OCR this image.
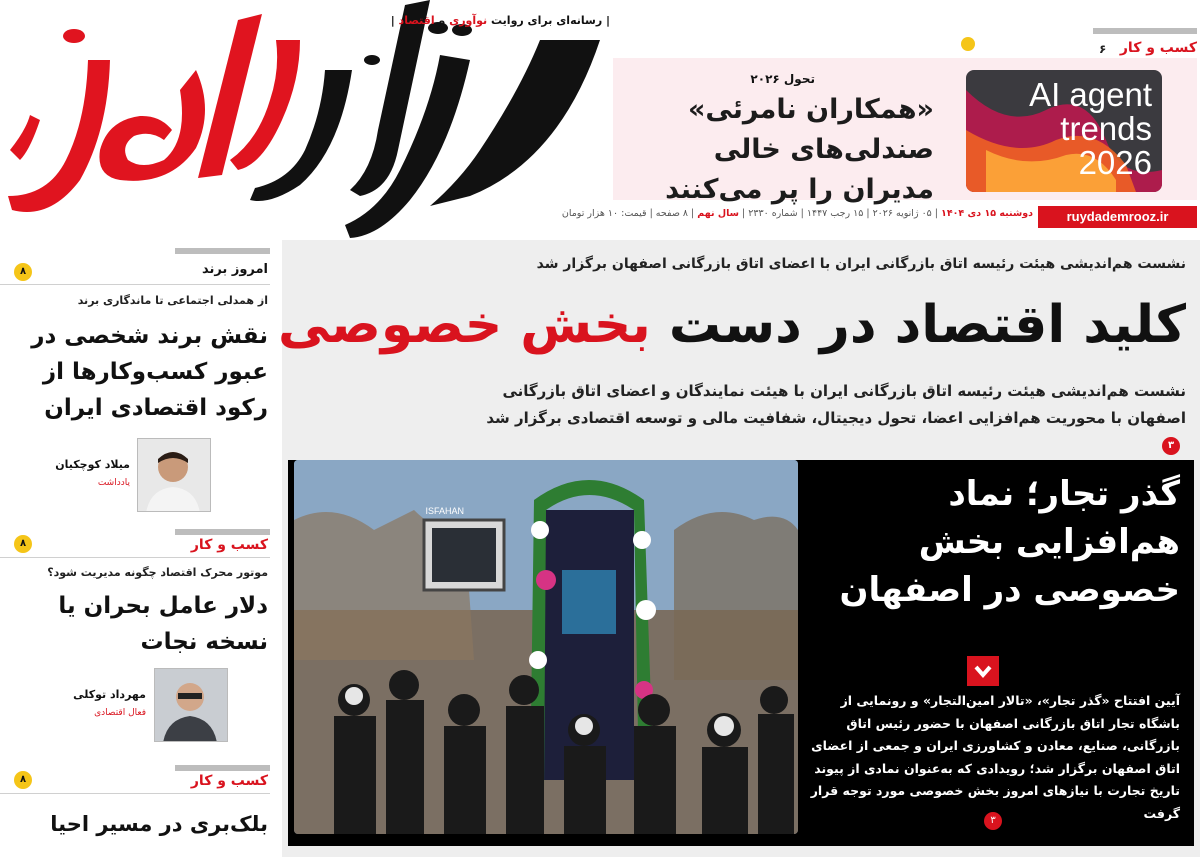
| رسانه‌ای برای روایت نوآوری و اقتصاد |
کسب و کار
۶
AI agent trends 2026
تحول ۲۰۲۶
«همکاران نامرئی» صندلی‌های خالی مدیران را پر می‌کنند
دوشنبه ۱۵ دی ۱۴۰۴ | ۰۵ ژانویه ۲۰۲۶ | ۱۵ رجب ۱۴۴۷ | شماره ۲۳۳۰ | سال نهم | ۸ صفحه | قیمت: ۱۰ هزار تومان	ruydademrooz.ir
۸	امروز برند
از همدلی اجتماعی تا ماندگاری برند
نقش برند شخصی در عبور کسب‌وکارها از رکود اقتصادی ایران
میلاد کوچکیان
یادداشت
۸	کسب و کار
موتور محرک اقتصاد چگونه مدیریت شود؟
دلار عامل بحران یا نسخه نجات
مهرداد توکلی
فعال اقتصادی
۸	کسب و کار
بلک‌بری در مسیر احیا
نشست هم‌اندیشی هیئت رئیسه اتاق بازرگانی ایران با اعضای اتاق بازرگانی اصفهان برگزار شد
کلید اقتصاد در دست بخش خصوصی
نشست هم‌اندیشی هیئت رئیسه اتاق بازرگانی ایران با هیئت نمایندگان و اعضای اتاق بازرگانی اصفهان با محوریت هم‌افزایی اعضا، تحول دیجیتال، شفافیت مالی و توسعه اقتصادی برگزار شد۳
ISFAHAN	گذر تجار؛ نماد هم‌افزایی بخش خصوصی در اصفهان
آیین افتتاح «گذر تجار»، «تالار امین‌التجار» و رونمایی از باشگاه تجار اتاق بازرگانی اصفهان با حضور رئیس اتاق بازرگانی، صنایع، معادن و کشاورزی ایران و جمعی از اعضای اتاق اصفهان برگزار شد؛ رویدادی که به‌عنوان نمادی از پیوند تاریخ تجارت با نیازهای امروز بخش خصوصی مورد توجه قرار گرفت
۳
